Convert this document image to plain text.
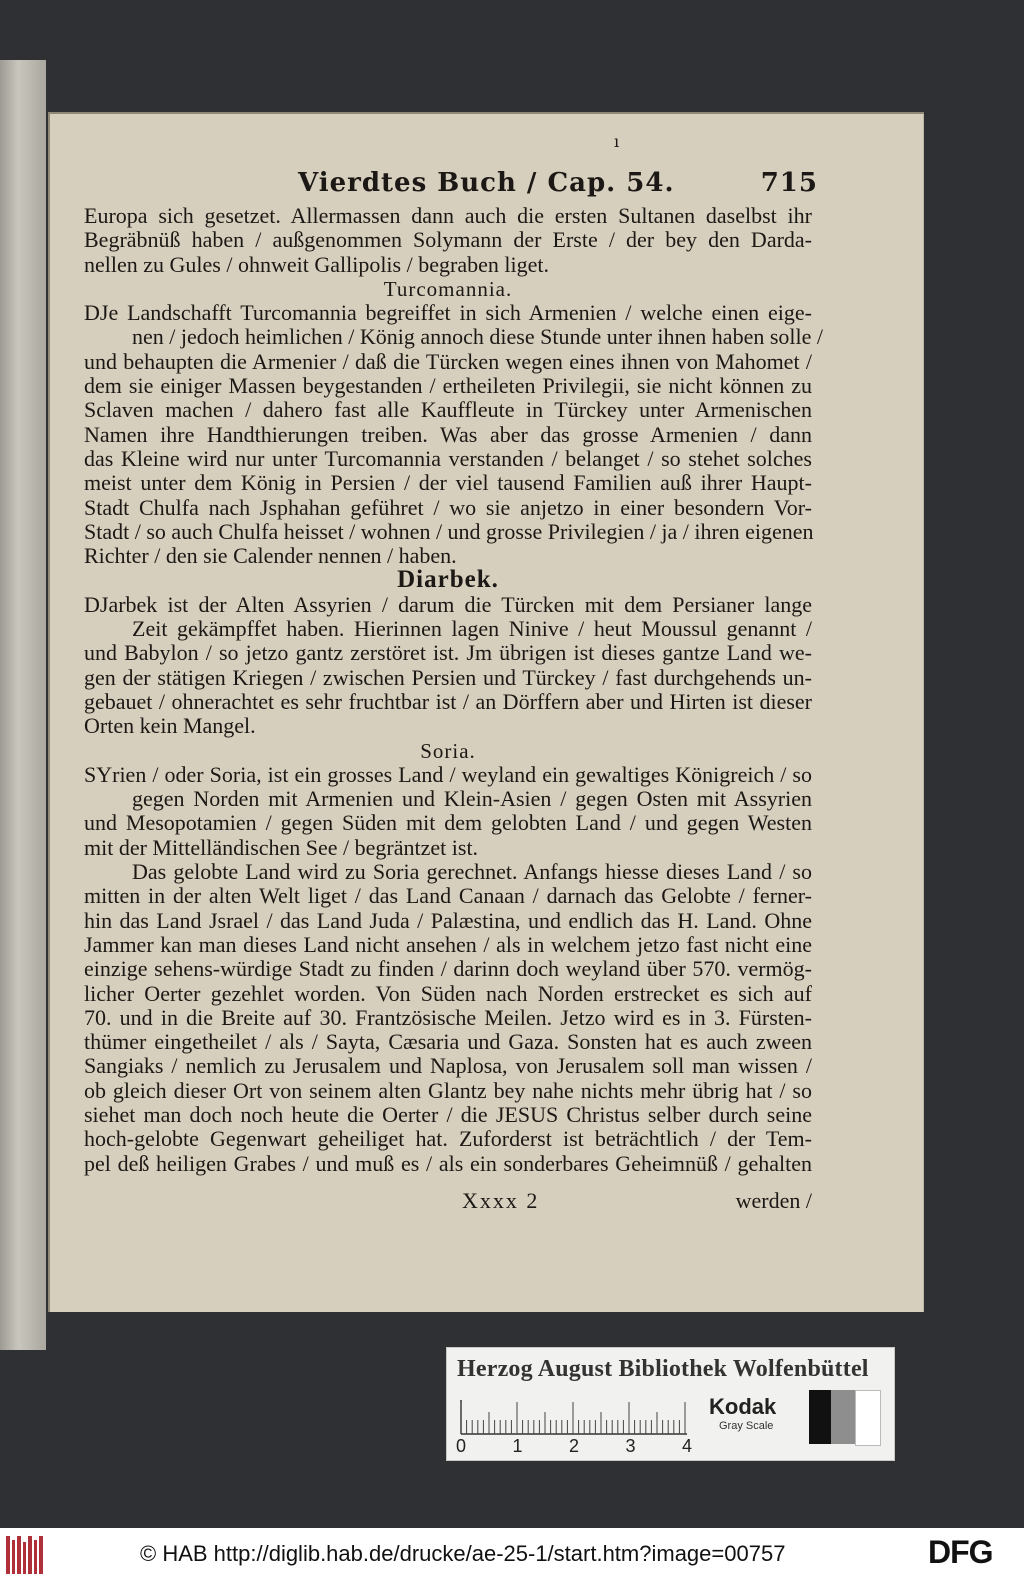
ı
Vierdtes Buch / Cap. 54.	715
Europa sich gesetzet. Allermassen dann auch die ersten Sultanen daselbst ihr
Begräbnüß haben / außgenommen Solymann der Erste / der bey den Darda-
nellen zu Gules / ohnweit Gallipolis / begraben liget.
Turcomannia.
DJe Landschafft Turcomannia begreiffet in sich Armenien / welche einen eige-
nen / jedoch heimlichen / König annoch diese Stunde unter ihnen haben solle /
und behaupten die Armenier / daß die Türcken wegen eines ihnen von Mahomet /
dem sie einiger Massen beygestanden / ertheileten Privilegii, sie nicht können zu
Sclaven machen / dahero fast alle Kauffleute in Türckey unter Armenischen
Namen ihre Handthierungen treiben. Was aber das grosse Armenien / dann
das Kleine wird nur unter Turcomannia verstanden / belanget / so stehet solches
meist unter dem König in Persien / der viel tausend Familien auß ihrer Haupt-
Stadt Chulfa nach Jsphahan geführet / wo sie anjetzo in einer besondern Vor-
Stadt / so auch Chulfa heisset / wohnen / und grosse Privilegien / ja / ihren eigenen
Richter / den sie Calender nennen / haben.
Diarbek.
DJarbek ist der Alten Assyrien / darum die Türcken mit dem Persianer lange
Zeit gekämpffet haben. Hierinnen lagen Ninive / heut Moussul genannt /
und Babylon / so jetzo gantz zerstöret ist. Jm übrigen ist dieses gantze Land we-
gen der stätigen Kriegen / zwischen Persien und Türckey / fast durchgehends un-
gebauet / ohnerachtet es sehr fruchtbar ist / an Dörffern aber und Hirten ist dieser
Orten kein Mangel.
Soria.
SYrien / oder Soria, ist ein grosses Land / weyland ein gewaltiges Königreich / so
gegen Norden mit Armenien und Klein-Asien / gegen Osten mit Assyrien
und Mesopotamien / gegen Süden mit dem gelobten Land / und gegen Westen
mit der Mittelländischen See / begräntzet ist.
Das gelobte Land wird zu Soria gerechnet. Anfangs hiesse dieses Land / so
mitten in der alten Welt liget / das Land Canaan / darnach das Gelobte / ferner-
hin das Land Jsrael / das Land Juda / Palæstina, und endlich das H. Land. Ohne
Jammer kan man dieses Land nicht ansehen / als in welchem jetzo fast nicht eine
einzige sehens-würdige Stadt zu finden / darinn doch weyland über 570. vermög-
licher Oerter gezehlet worden. Von Süden nach Norden erstrecket es sich auf
70. und in die Breite auf 30. Frantzösische Meilen. Jetzo wird es in 3. Fürsten-
thümer eingetheilet / als / Sayta, Cæsaria und Gaza. Sonsten hat es auch zween
Sangiaks / nemlich zu Jerusalem und Naplosa, von Jerusalem soll man wissen /
ob gleich dieser Ort von seinem alten Glantz bey nahe nichts mehr übrig hat / so
siehet man doch noch heute die Oerter / die JESUS Christus selber durch seine
hoch-gelobte Gegenwart geheiliget hat. Zuforderst ist beträchtlich / der Tem-
pel deß heiligen Grabes / und muß es / als ein sonderbares Geheimnüß / gehalten
Xxxx 2	werden /
Herzog August Bibliothek Wolfenbüttel
0	1	2	3	4
Kodak
Gray Scale
© HAB http://diglib.hab.de/drucke/ae-25-1/start.htm?image=00757	DFG
